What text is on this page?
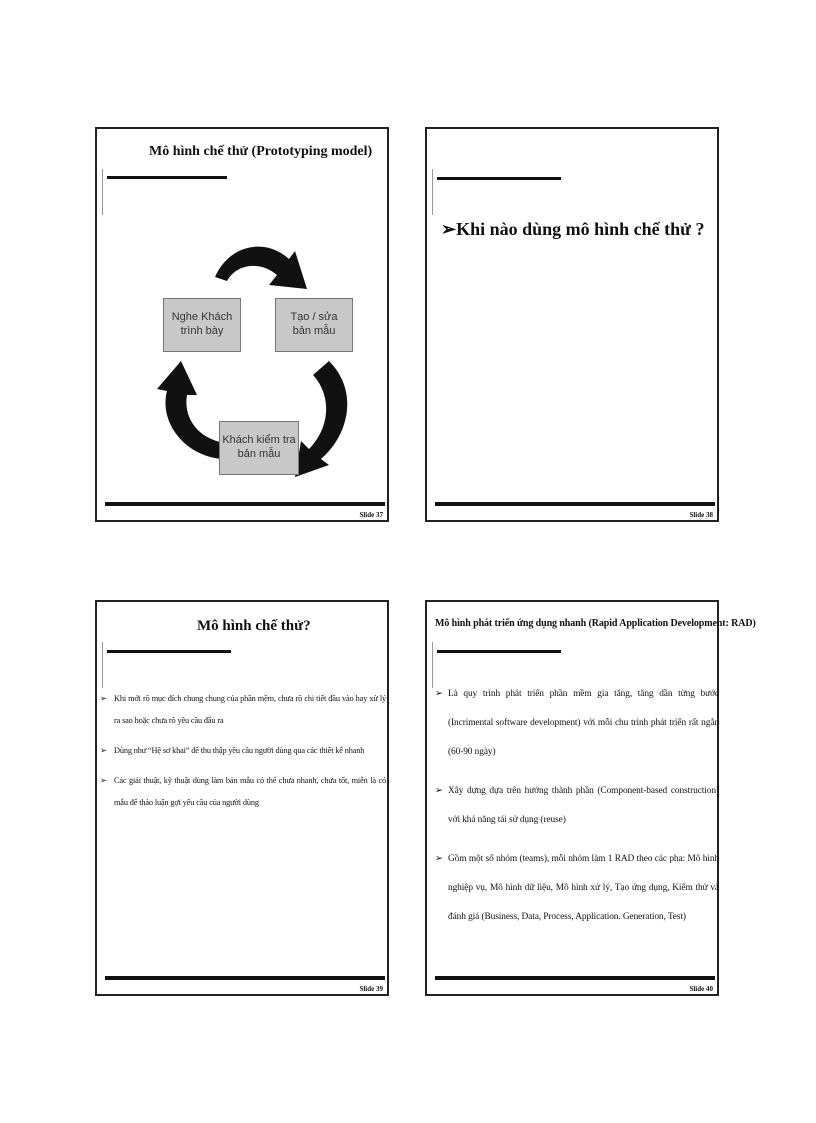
Mô hình chế thử (Prototyping model)
Nghe Khách
trình bày
Tạo / sửa
bản mẫu
Khách kiểm tra
bản mẫu
Slide 37
➢Khi nào dùng mô hình chế thử ?
Slide 38
Mô hình chế thử?
➢ Khi mới rõ mục đích chung chung của phần mềm, chưa rõ chi tiết đầu vào hay xử lý ra sao hoặc chưa rõ yêu cầu đầu ra
➢ Dùng như “Hệ sơ khai” để thu thập yêu cầu người dùng qua các thiết kế nhanh
➢ Các giải thuật, kỹ thuật dùng làm bản mẫu có thể chưa nhanh, chưa tốt, miễn là có mẫu để thảo luận gợi yêu cầu của người dùng
Slide 39
Mô hình phát triển ứng dụng nhanh (Rapid Application Development: RAD)
➢ Là quy trình phát triển phần mềm gia tăng, tăng dần từng bước (Incrimental software development) với mỗi chu trình phát triển rất ngắn (60-90 ngày)
➢ Xây dựng dựa trên hướng thành phần (Component-based construction) với khả năng tái sử dụng (reuse)
➢ Gồm một số nhóm (teams), mỗi nhóm làm 1 RAD theo các pha: Mô hình nghiệp vụ, Mô hình dữ liệu, Mô hình xử lý, Tạo ứng dụng, Kiểm thử và đánh giá (Business, Data, Process, Application. Generation, Test)
Slide 40
